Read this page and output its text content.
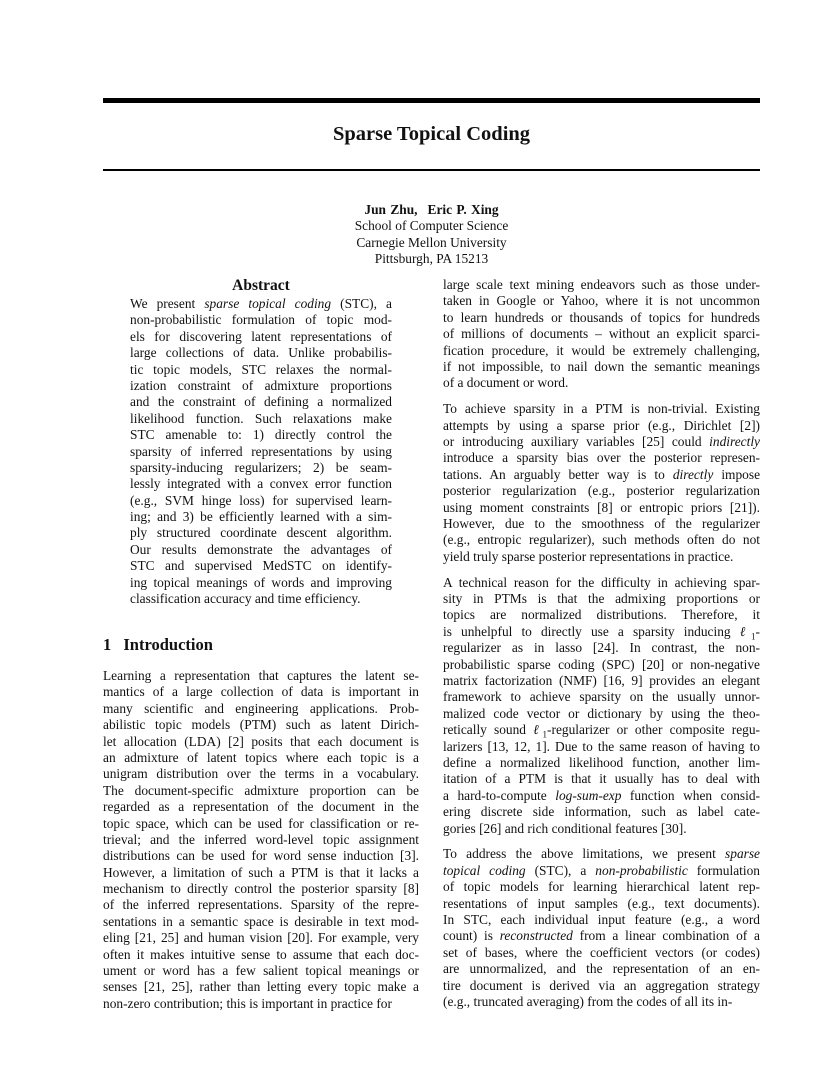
Sparse Topical Coding
Jun Zhu, Eric P. Xing
School of Computer Science
Carnegie Mellon University
Pittsburgh, PA 15213
Abstract
We present sparse topical coding (STC), a
non-probabilistic formulation of topic mod-
els for discovering latent representations of
large collections of data. Unlike probabilis-
tic topic models, STC relaxes the normal-
ization constraint of admixture proportions
and the constraint of defining a normalized
likelihood function. Such relaxations make
STC amenable to: 1) directly control the
sparsity of inferred representations by using
sparsity-inducing regularizers; 2) be seam-
lessly integrated with a convex error function
(e.g., SVM hinge loss) for supervised learn-
ing; and 3) be efficiently learned with a sim-
ply structured coordinate descent algorithm.
Our results demonstrate the advantages of
STC and supervised MedSTC on identify-
ing topical meanings of words and improving
classification accuracy and time efficiency.
1 Introduction
Learning a representation that captures the latent se-
mantics of a large collection of data is important in
many scientific and engineering applications. Prob-
abilistic topic models (PTM) such as latent Dirich-
let allocation (LDA) [2] posits that each document is
an admixture of latent topics where each topic is a
unigram distribution over the terms in a vocabulary.
The document-specific admixture proportion can be
regarded as a representation of the document in the
topic space, which can be used for classification or re-
trieval; and the inferred word-level topic assignment
distributions can be used for word sense induction [3].
However, a limitation of such a PTM is that it lacks a
mechanism to directly control the posterior sparsity [8]
of the inferred representations. Sparsity of the repre-
sentations in a semantic space is desirable in text mod-
eling [21, 25] and human vision [20]. For example, very
often it makes intuitive sense to assume that each doc-
ument or word has a few salient topical meanings or
senses [21, 25], rather than letting every topic make a
non-zero contribution; this is important in practice for
large scale text mining endeavors such as those under-
taken in Google or Yahoo, where it is not uncommon
to learn hundreds or thousands of topics for hundreds
of millions of documents – without an explicit sparci-
fication procedure, it would be extremely challenging,
if not impossible, to nail down the semantic meanings
of a document or word.
To achieve sparsity in a PTM is non-trivial. Existing
attempts by using a sparse prior (e.g., Dirichlet [2])
or introducing auxiliary variables [25] could indirectly
introduce a sparsity bias over the posterior represen-
tations. An arguably better way is to directly impose
posterior regularization (e.g., posterior regularization
using moment constraints [8] or entropic priors [21]).
However, due to the smoothness of the regularizer
(e.g., entropic regularizer), such methods often do not
yield truly sparse posterior representations in practice.
A technical reason for the difficulty in achieving spar-
sity in PTMs is that the admixing proportions or
topics are normalized distributions. Therefore, it
is unhelpful to directly use a sparsity inducing ℓ$_1$-
regularizer as in lasso [24]. In contrast, the non-
probabilistic sparse coding (SPC) [20] or non-negative
matrix factorization (NMF) [16, 9] provides an elegant
framework to achieve sparsity on the usually unnor-
malized code vector or dictionary by using the theo-
retically sound ℓ$_1$-regularizer or other composite regu-
larizers [13, 12, 1]. Due to the same reason of having to
define a normalized likelihood function, another lim-
itation of a PTM is that it usually has to deal with
a hard-to-compute log-sum-exp function when consid-
ering discrete side information, such as label cate-
gories [26] and rich conditional features [30].
To address the above limitations, we present sparse
topical coding (STC), a non-probabilistic formulation
of topic models for learning hierarchical latent rep-
resentations of input samples (e.g., text documents).
In STC, each individual input feature (e.g., a word
count) is reconstructed from a linear combination of a
set of bases, where the coefficient vectors (or codes)
are unnormalized, and the representation of an en-
tire document is derived via an aggregation strategy
(e.g., truncated averaging) from the codes of all its in-
